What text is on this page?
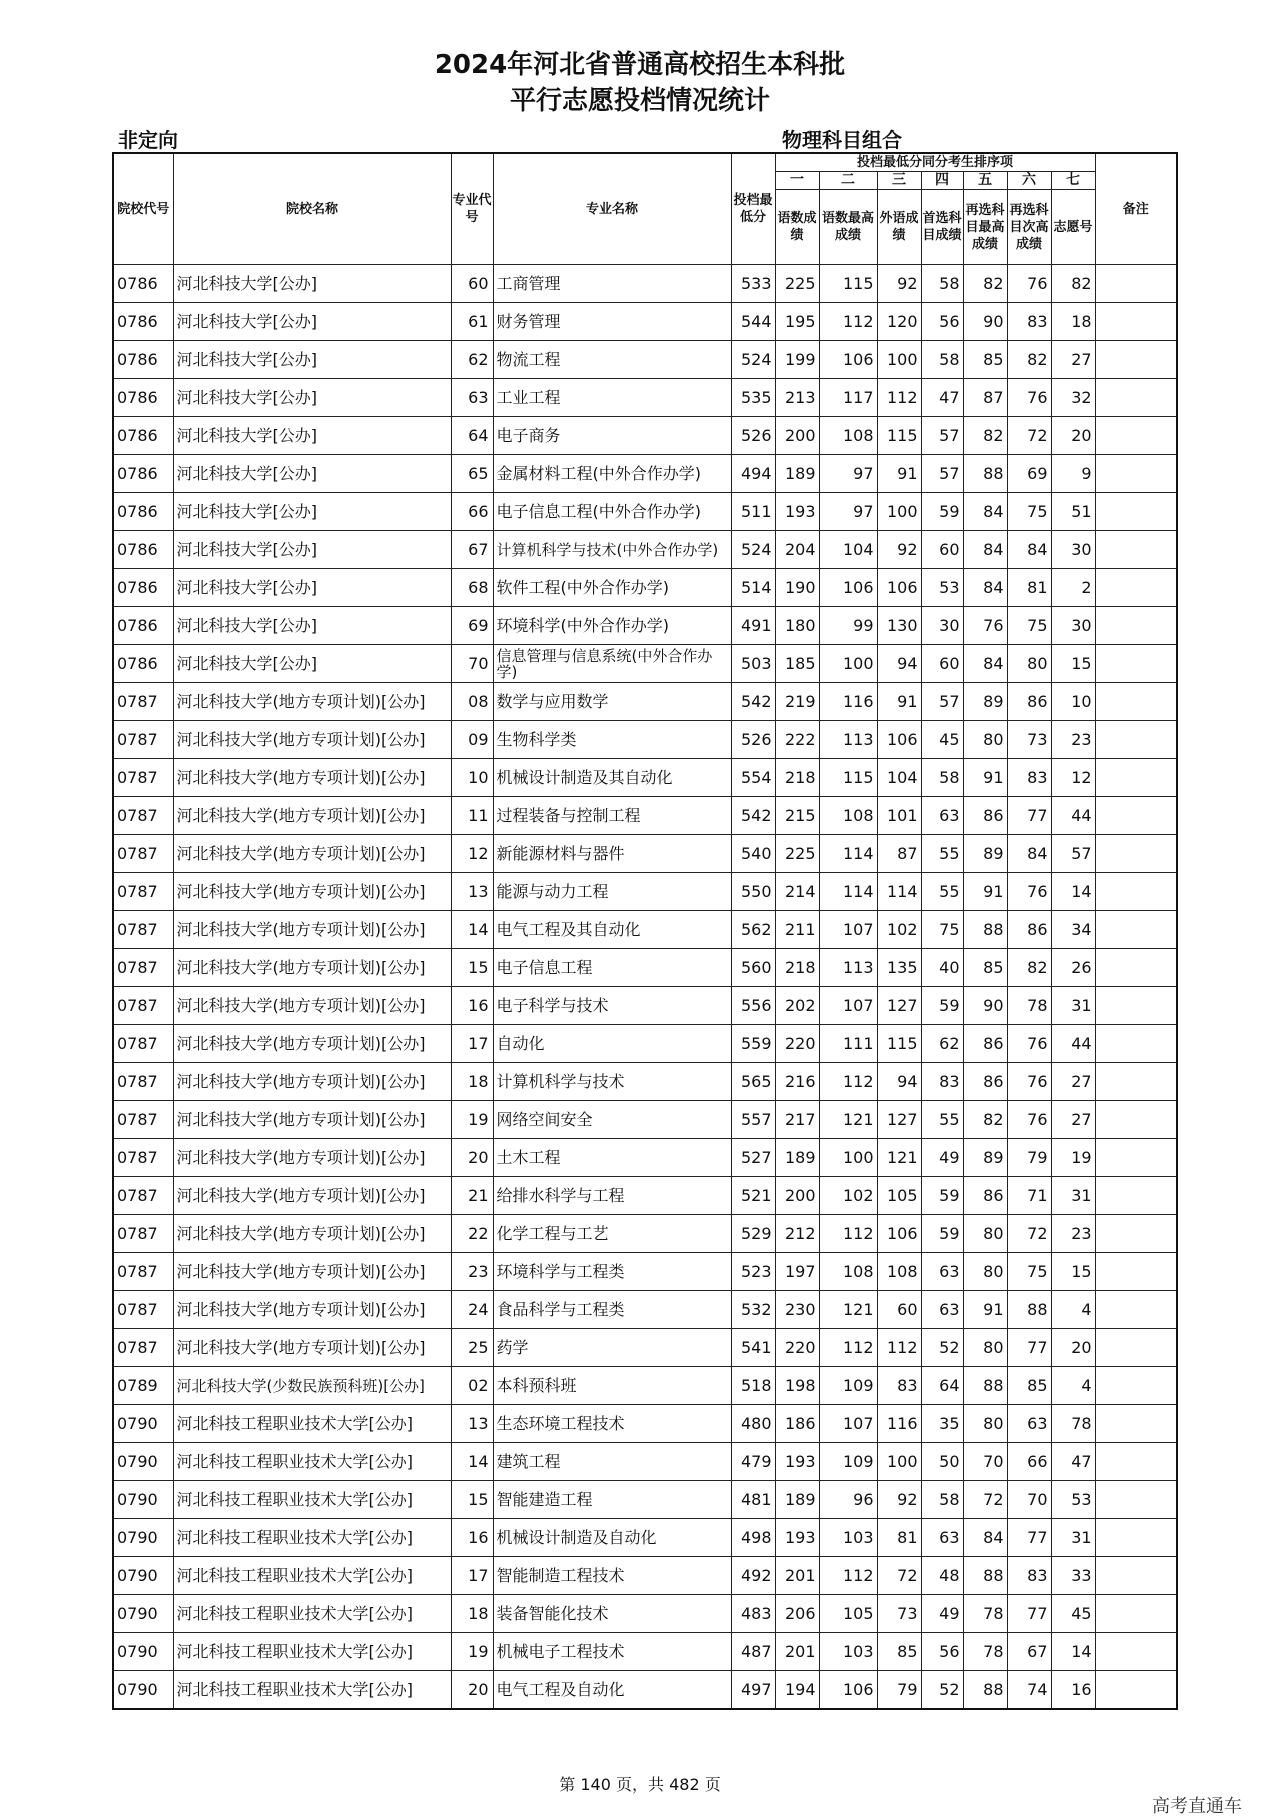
2024年河北省普通高校招生本科批
平行志愿投档情况统计
非定向	物理科目组合
院校代号	院校名称	专业代号	专业名称	投档最低分	投档最低分同分考生排序项							备注
					一	二	三	四	五	六	七	
					语数成绩	语数最高成绩	外语成绩	首选科目成绩	再选科目最高成绩	再选科目次高成绩	志愿号	
0786	河北科技大学[公办]	60	工商管理	533	225	115	92	58	82	76	82	
0786	河北科技大学[公办]	61	财务管理	544	195	112	120	56	90	83	18	
0786	河北科技大学[公办]	62	物流工程	524	199	106	100	58	85	82	27	
0786	河北科技大学[公办]	63	工业工程	535	213	117	112	47	87	76	32	
0786	河北科技大学[公办]	64	电子商务	526	200	108	115	57	82	72	20	
0786	河北科技大学[公办]	65	金属材料工程(中外合作办学)	494	189	97	91	57	88	69	9	
0786	河北科技大学[公办]	66	电子信息工程(中外合作办学)	511	193	97	100	59	84	75	51	
0786	河北科技大学[公办]	67	计算机科学与技术(中外合作办学)	524	204	104	92	60	84	84	30	
0786	河北科技大学[公办]	68	软件工程(中外合作办学)	514	190	106	106	53	84	81	2	
0786	河北科技大学[公办]	69	环境科学(中外合作办学)	491	180	99	130	30	76	75	30	
0786	河北科技大学[公办]	70	信息管理与信息系统(中外合作办学)	503	185	100	94	60	84	80	15	
0787	河北科技大学(地方专项计划)[公办]	08	数学与应用数学	542	219	116	91	57	89	86	10	
0787	河北科技大学(地方专项计划)[公办]	09	生物科学类	526	222	113	106	45	80	73	23	
0787	河北科技大学(地方专项计划)[公办]	10	机械设计制造及其自动化	554	218	115	104	58	91	83	12	
0787	河北科技大学(地方专项计划)[公办]	11	过程装备与控制工程	542	215	108	101	63	86	77	44	
0787	河北科技大学(地方专项计划)[公办]	12	新能源材料与器件	540	225	114	87	55	89	84	57	
0787	河北科技大学(地方专项计划)[公办]	13	能源与动力工程	550	214	114	114	55	91	76	14	
0787	河北科技大学(地方专项计划)[公办]	14	电气工程及其自动化	562	211	107	102	75	88	86	34	
0787	河北科技大学(地方专项计划)[公办]	15	电子信息工程	560	218	113	135	40	85	82	26	
0787	河北科技大学(地方专项计划)[公办]	16	电子科学与技术	556	202	107	127	59	90	78	31	
0787	河北科技大学(地方专项计划)[公办]	17	自动化	559	220	111	115	62	86	76	44	
0787	河北科技大学(地方专项计划)[公办]	18	计算机科学与技术	565	216	112	94	83	86	76	27	
0787	河北科技大学(地方专项计划)[公办]	19	网络空间安全	557	217	121	127	55	82	76	27	
0787	河北科技大学(地方专项计划)[公办]	20	土木工程	527	189	100	121	49	89	79	19	
0787	河北科技大学(地方专项计划)[公办]	21	给排水科学与工程	521	200	102	105	59	86	71	31	
0787	河北科技大学(地方专项计划)[公办]	22	化学工程与工艺	529	212	112	106	59	80	72	23	
0787	河北科技大学(地方专项计划)[公办]	23	环境科学与工程类	523	197	108	108	63	80	75	15	
0787	河北科技大学(地方专项计划)[公办]	24	食品科学与工程类	532	230	121	60	63	91	88	4	
0787	河北科技大学(地方专项计划)[公办]	25	药学	541	220	112	112	52	80	77	20	
0789	河北科技大学(少数民族预科班)[公办]	02	本科预科班	518	198	109	83	64	88	85	4	
0790	河北科技工程职业技术大学[公办]	13	生态环境工程技术	480	186	107	116	35	80	63	78	
0790	河北科技工程职业技术大学[公办]	14	建筑工程	479	193	109	100	50	70	66	47	
0790	河北科技工程职业技术大学[公办]	15	智能建造工程	481	189	96	92	58	72	70	53	
0790	河北科技工程职业技术大学[公办]	16	机械设计制造及自动化	498	193	103	81	63	84	77	31	
0790	河北科技工程职业技术大学[公办]	17	智能制造工程技术	492	201	112	72	48	88	83	33	
0790	河北科技工程职业技术大学[公办]	18	装备智能化技术	483	206	105	73	49	78	77	45	
0790	河北科技工程职业技术大学[公办]	19	机械电子工程技术	487	201	103	85	56	78	67	14	
0790	河北科技工程职业技术大学[公办]	20	电气工程及自动化	497	194	106	79	52	88	74	16	
第 140 页，共 482 页
高考直通车
